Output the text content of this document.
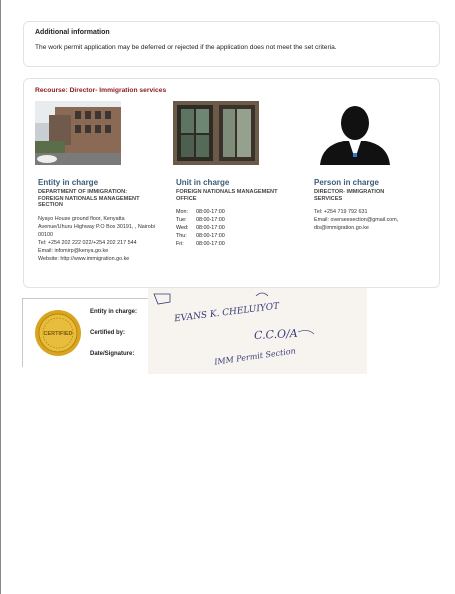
Additional information
The work permit application may be deferred or rejected if the application does not meet the set criteria.
Recourse: Director- Immigration services
Entity in charge
DEPARTMENT OF IMMIGRATION:
FOREIGN NATIONALS MANAGEMENT
SECTION
Nyayo House ground floor, Kenyatta
Avenue/Uhuru Highway P.O Box 30191, , Nairobi
00100
Tel: +254 202 222 022/+254 202 217 544
Email: infomirp@kenya.go.ke
Website: http://www.immigration.go.ke
Unit in charge
FOREIGN NATIONALS MANAGEMENT
OFFICE
Mon: 08:00-17:00
Tue: 08:00-17:00
Wed: 08:00-17:00
Thu: 08:00-17:00
Fri: 08:00-17:00
Person in charge
DIRECTOR- IMMIGRATION
SERVICES
Tel: +254 719 792 631
Email: overseesection@gmail.com,
dis@immigration.go.ke
CERTIFIED
Entity in charge:
Certified by:
Date/Signature:
EVANS K. CHELUIYOT
C.C.O/A
IMM Permit Section
